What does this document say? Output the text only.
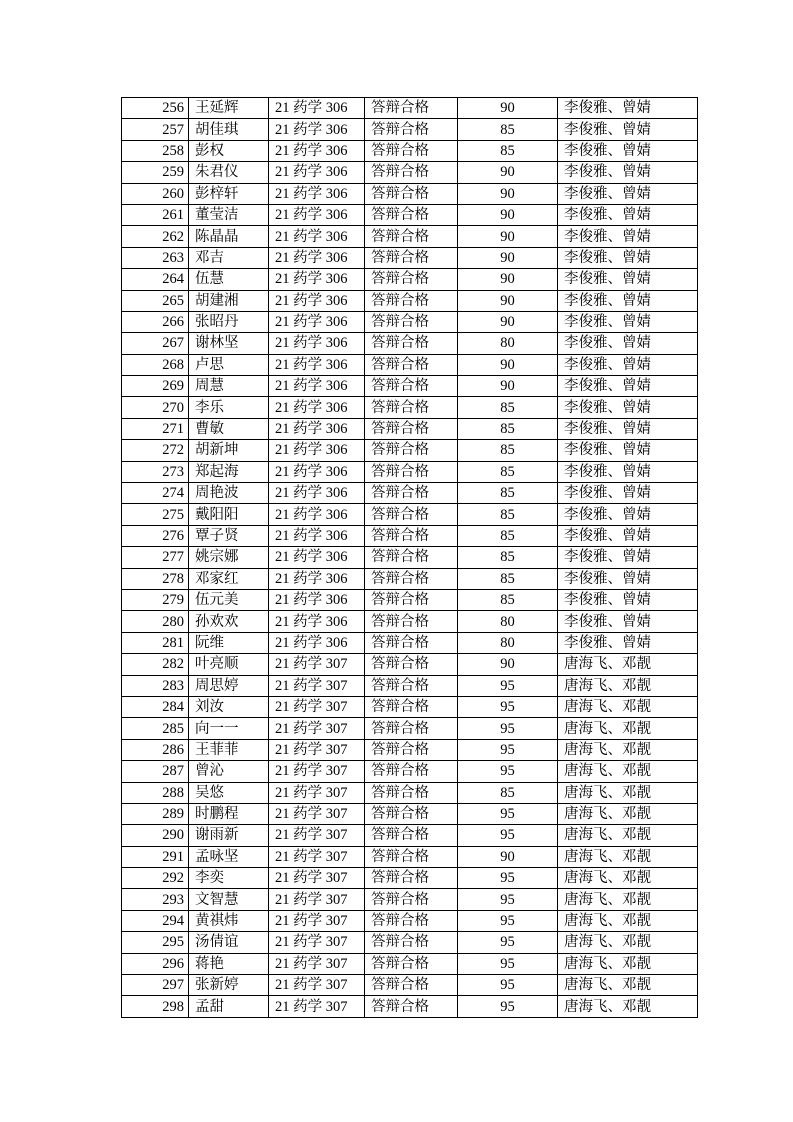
256	王延辉	21 药学 306	答辩合格	90	李俊雅、曾婧
257	胡佳琪	21 药学 306	答辩合格	85	李俊雅、曾婧
258	彭权	21 药学 306	答辩合格	85	李俊雅、曾婧
259	朱君仪	21 药学 306	答辩合格	90	李俊雅、曾婧
260	彭梓轩	21 药学 306	答辩合格	90	李俊雅、曾婧
261	董莹洁	21 药学 306	答辩合格	90	李俊雅、曾婧
262	陈晶晶	21 药学 306	答辩合格	90	李俊雅、曾婧
263	邓吉	21 药学 306	答辩合格	90	李俊雅、曾婧
264	伍慧	21 药学 306	答辩合格	90	李俊雅、曾婧
265	胡建湘	21 药学 306	答辩合格	90	李俊雅、曾婧
266	张昭丹	21 药学 306	答辩合格	90	李俊雅、曾婧
267	谢林坚	21 药学 306	答辩合格	80	李俊雅、曾婧
268	卢思	21 药学 306	答辩合格	90	李俊雅、曾婧
269	周慧	21 药学 306	答辩合格	90	李俊雅、曾婧
270	李乐	21 药学 306	答辩合格	85	李俊雅、曾婧
271	曹敏	21 药学 306	答辩合格	85	李俊雅、曾婧
272	胡新坤	21 药学 306	答辩合格	85	李俊雅、曾婧
273	郑起海	21 药学 306	答辩合格	85	李俊雅、曾婧
274	周艳波	21 药学 306	答辩合格	85	李俊雅、曾婧
275	戴阳阳	21 药学 306	答辩合格	85	李俊雅、曾婧
276	覃子贤	21 药学 306	答辩合格	85	李俊雅、曾婧
277	姚宗娜	21 药学 306	答辩合格	85	李俊雅、曾婧
278	邓家红	21 药学 306	答辩合格	85	李俊雅、曾婧
279	伍元美	21 药学 306	答辩合格	85	李俊雅、曾婧
280	孙欢欢	21 药学 306	答辩合格	80	李俊雅、曾婧
281	阮维	21 药学 306	答辩合格	80	李俊雅、曾婧
282	叶亮顺	21 药学 307	答辩合格	90	唐海飞、邓靓
283	周思婷	21 药学 307	答辩合格	95	唐海飞、邓靓
284	刘汝	21 药学 307	答辩合格	95	唐海飞、邓靓
285	向一一	21 药学 307	答辩合格	95	唐海飞、邓靓
286	王菲菲	21 药学 307	答辩合格	95	唐海飞、邓靓
287	曾沁	21 药学 307	答辩合格	95	唐海飞、邓靓
288	吴悠	21 药学 307	答辩合格	85	唐海飞、邓靓
289	时鹏程	21 药学 307	答辩合格	95	唐海飞、邓靓
290	谢雨新	21 药学 307	答辩合格	95	唐海飞、邓靓
291	孟咏坚	21 药学 307	答辩合格	90	唐海飞、邓靓
292	李奕	21 药学 307	答辩合格	95	唐海飞、邓靓
293	文智慧	21 药学 307	答辩合格	95	唐海飞、邓靓
294	黄祺炜	21 药学 307	答辩合格	95	唐海飞、邓靓
295	汤倩谊	21 药学 307	答辩合格	95	唐海飞、邓靓
296	蒋艳	21 药学 307	答辩合格	95	唐海飞、邓靓
297	张新婷	21 药学 307	答辩合格	95	唐海飞、邓靓
298	孟甜	21 药学 307	答辩合格	95	唐海飞、邓靓
